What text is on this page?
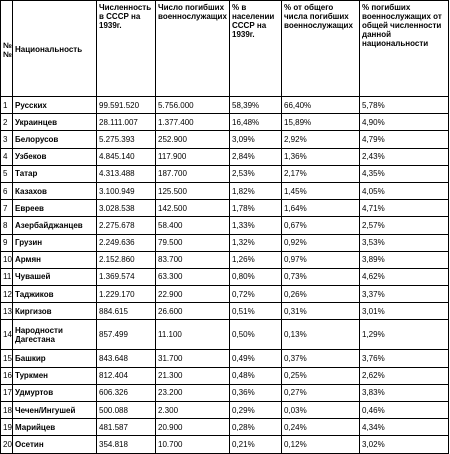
№ №	Национальность	Численность в СССР на 1939г.	Число погибших военнослужащих	% в населении СССР на 1939г.	% от общего числа погибших военнослужащих	% погибших военнослужащих от общей численности данной национальности
1	Русских	99.591.520	5.756.000	58,39%	66,40%	5,78%
2	Украинцев	28.111.007	1.377.400	16,48%	15,89%	4,90%
3	Белорусов	5.275.393	252.900	3,09%	2,92%	4,79%
4	Узбеков	4.845.140	117.900	2,84%	1,36%	2,43%
5	Татар	4.313.488	187.700	2,53%	2,17%	4,35%
6	Казахов	3.100.949	125.500	1,82%	1,45%	4,05%
7	Евреев	3.028.538	142.500	1,78%	1,64%	4,71%
8	Азербайджанцев	2.275.678	58.400	1,33%	0,67%	2,57%
9	Грузин	2.249.636	79.500	1,32%	0,92%	3,53%
10	Армян	2.152.860	83.700	1,26%	0,97%	3,89%
11	Чувашей	1.369.574	63.300	0,80%	0,73%	4,62%
12	Таджиков	1.229.170	22.900	0,72%	0,26%	3,37%
13	Киргизов	884.615	26.600	0,51%	0,31%	3,01%
14	Народности Дагестана	857.499	11.100	0,50%	0,13%	1,29%
15	Башкир	843.648	31.700	0,49%	0,37%	3,76%
16	Туркмен	812.404	21.300	0,48%	0,25%	2,62%
17	Удмуртов	606.326	23.200	0,36%	0,27%	3,83%
18	Чечен/Ингушей	500.088	2.300	0,29%	0,03%	0,46%
19	Марийцев	481.587	20.900	0,28%	0,24%	4,34%
20	Осетин	354.818	10.700	0,21%	0,12%	3,02%
